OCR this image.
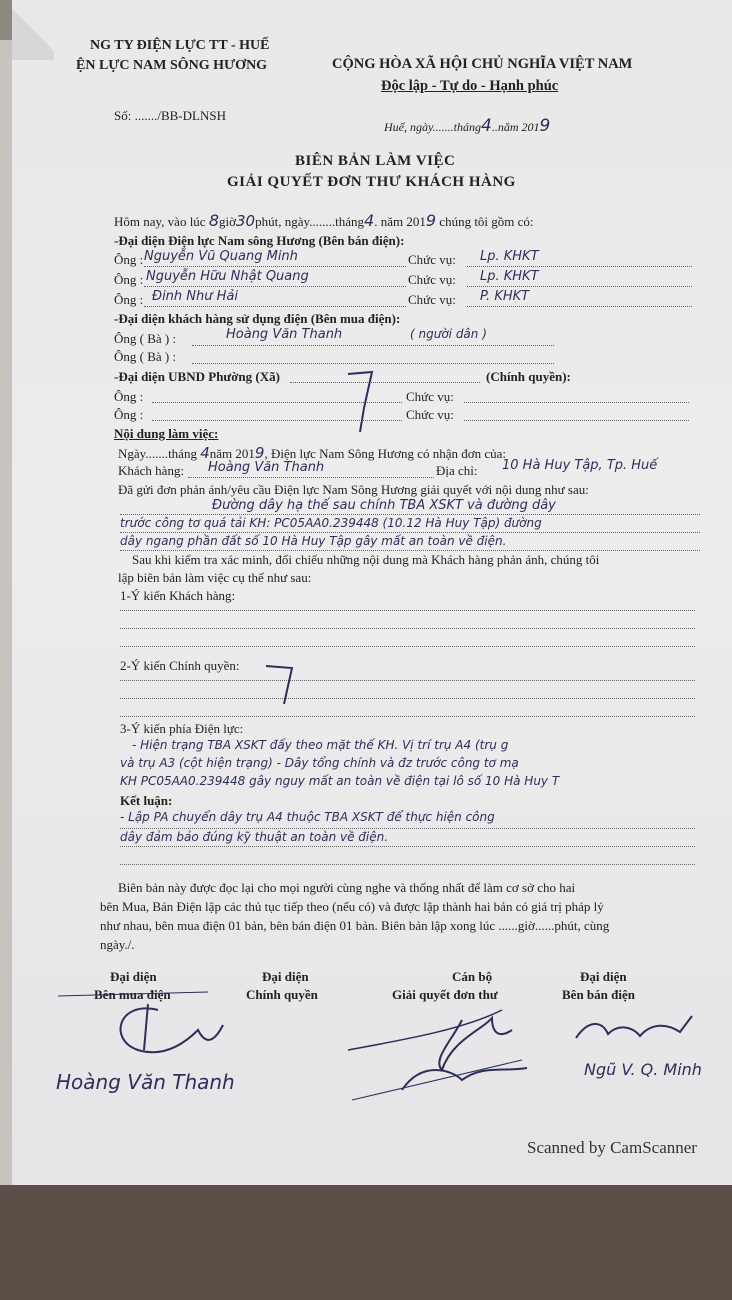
NG TY ĐIỆN LỰC TT - HUẾ
ỆN LỰC NAM SÔNG HƯƠNG	CỘNG HÒA XÃ HỘI CHỦ NGHĨA VIỆT NAM
Độc lập - Tự do - Hạnh phúc
Số: ......./BB-DLNSH
Huế, ngày.......tháng4..năm 2019
BIÊN BẢN LÀM VIỆC
GIẢI QUYẾT ĐƠN THƯ KHÁCH HÀNG
Hôm nay, vào lúc 8giờ30phút, ngày........tháng4. năm 2019 chúng tôi gồm có:
-Đại diện Điện lực Nam sông Hương (Bên bán điện):
Ông : Nguyễn Vũ Quang Minh	Chức vụ: Lp. KHKT
Ông : Nguyễn Hữu Nhật Quang	Chức vụ: Lp. KHKT
Ông : Đinh Như Hải	Chức vụ: P. KHKT
-Đại diện khách hàng sử dụng điện (Bên mua điện):
Ông ( Bà ) :	Hoàng Văn Thanh	( người dân )
Ông ( Bà ) :
-Đại diện UBND Phường (Xã)	(Chính quyền):
Ông :	Chức vụ:
Ông :	Chức vụ:
Nội dung làm việc:
Ngày.......tháng 4năm 2019, Điện lực Nam Sông Hương có nhận đơn của:
Khách hàng: Hoàng Văn Thanh	Địa chỉ: 10 Hà Huy Tập, Tp. Huế
Đã gửi đơn phản ánh/yêu cầu Điện lực Nam Sông Hương giải quyết với nội dung như sau:
Đường dây hạ thế sau chính TBA XSKT và đường dây
trước công tơ quá tải KH: PC05AA0.239448 (10.12 Hà Huy Tập) đường
dây ngang phần đất số 10 Hà Huy Tập gây mất an toàn về điện.
Sau khi kiểm tra xác minh, đối chiếu những nội dung mà Khách hàng phản ánh, chúng tôi
lập biên bản làm việc cụ thể như sau:
1-Ý kiến Khách hàng:
2-Ý kiến Chính quyền:
3-Ý kiến phía Điện lực:
- Hiện trạng TBA XSKT đấy theo mặt thế KH. Vị trí trụ A4 (trụ g
và trụ A3 (cột hiện trạng) - Dây tổng chính và đz trước công tơ mạ
KH PC05AA0.239448 gây nguy mất an toàn về điện tại lô số 10 Hà Huy T
Kết luận:
- Lập PA chuyển dây trụ A4 thuộc TBA XSKT để thực hiện công
dây đảm bảo đúng kỹ thuật an toàn về điện.
Biên bản này được đọc lại cho mọi người cùng nghe và thống nhất để làm cơ sở cho hai
bên Mua, Bán Điện lập các thủ tục tiếp theo (nếu có) và được lập thành hai bản có giá trị pháp lý
như nhau, bên mua điện 01 bản, bên bán điện 01 bản. Biên bản lập xong lúc ......giờ......phút, cùng
ngày./.
Đại diện
Bên mua điện
Đại diện
Chính quyền
Cán bộ
Giải quyết đơn thư
Đại diện
Bên bán điện
Hoàng Văn Thanh
Ngũ V. Q. Minh
Scanned by CamScanner
